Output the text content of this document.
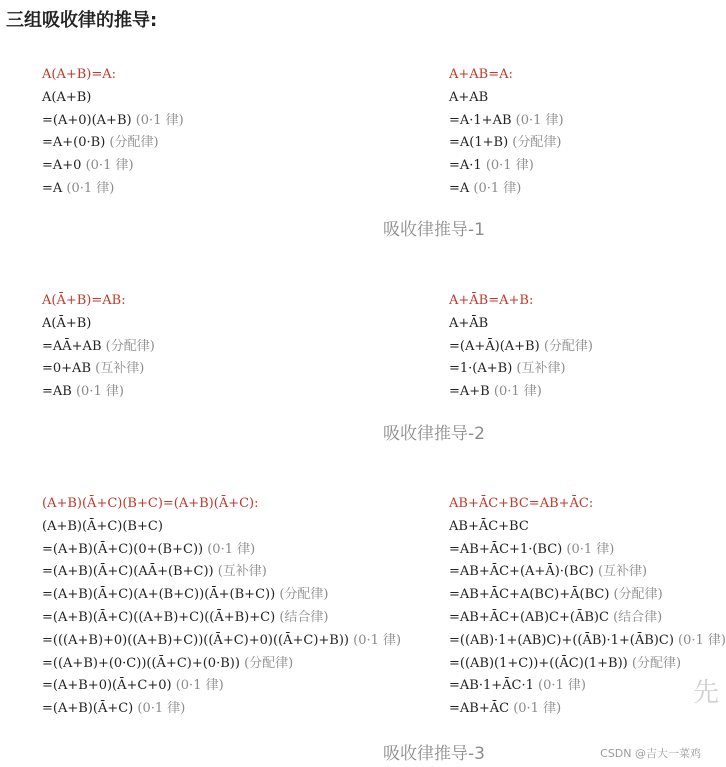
三组吸收律的推导:
A(A+B)=A:
A(A+B)
=(A+0)(A+B) (0·1 律)
=A+(0·B) (分配律)
=A+0 (0·1 律)
=A (0·1 律)
A+AB=A:
A+AB
=A·1+AB (0·1 律)
=A(1+B) (分配律)
=A·1 (0·1 律)
=A (0·1 律)
吸收律推导-1
A(Ā+B)=AB:
A(Ā+B)
=AĀ+AB (分配律)
=0+AB (互补律)
=AB (0·1 律)
A+ĀB=A+B:
A+ĀB
=(A+Ā)(A+B) (分配律)
=1·(A+B) (互补律)
=A+B (0·1 律)
吸收律推导-2
(A+B)(Ā+C)(B+C)=(A+B)(Ā+C):
(A+B)(Ā+C)(B+C)
=(A+B)(Ā+C)(0+(B+C)) (0·1 律)
=(A+B)(Ā+C)(AĀ+(B+C)) (互补律)
=(A+B)(Ā+C)(A+(B+C))(Ā+(B+C)) (分配律)
=(A+B)(Ā+C)((A+B)+C)((Ā+B)+C) (结合律)
=(((A+B)+0)((A+B)+C))((Ā+C)+0)((Ā+C)+B)) (0·1 律)
=((A+B)+(0·C))((Ā+C)+(0·B)) (分配律)
=(A+B+0)(Ā+C+0) (0·1 律)
=(A+B)(Ā+C) (0·1 律)
AB+ĀC+BC=AB+ĀC:
AB+ĀC+BC
=AB+ĀC+1·(BC) (0·1 律)
=AB+ĀC+(A+Ā)·(BC) (互补律)
=AB+ĀC+A(BC)+Ā(BC) (分配律)
=AB+ĀC+(AB)C+(ĀB)C (结合律)
=((AB)·1+(AB)C)+((ĀB)·1+(ĀB)C) (0·1 律)
=((AB)(1+C))+((ĀC)(1+B)) (分配律)
=AB·1+ĀC·1 (0·1 律)
=AB+ĀC (0·1 律)
吸收律推导-3
先
CSDN @吉大一菜鸡
